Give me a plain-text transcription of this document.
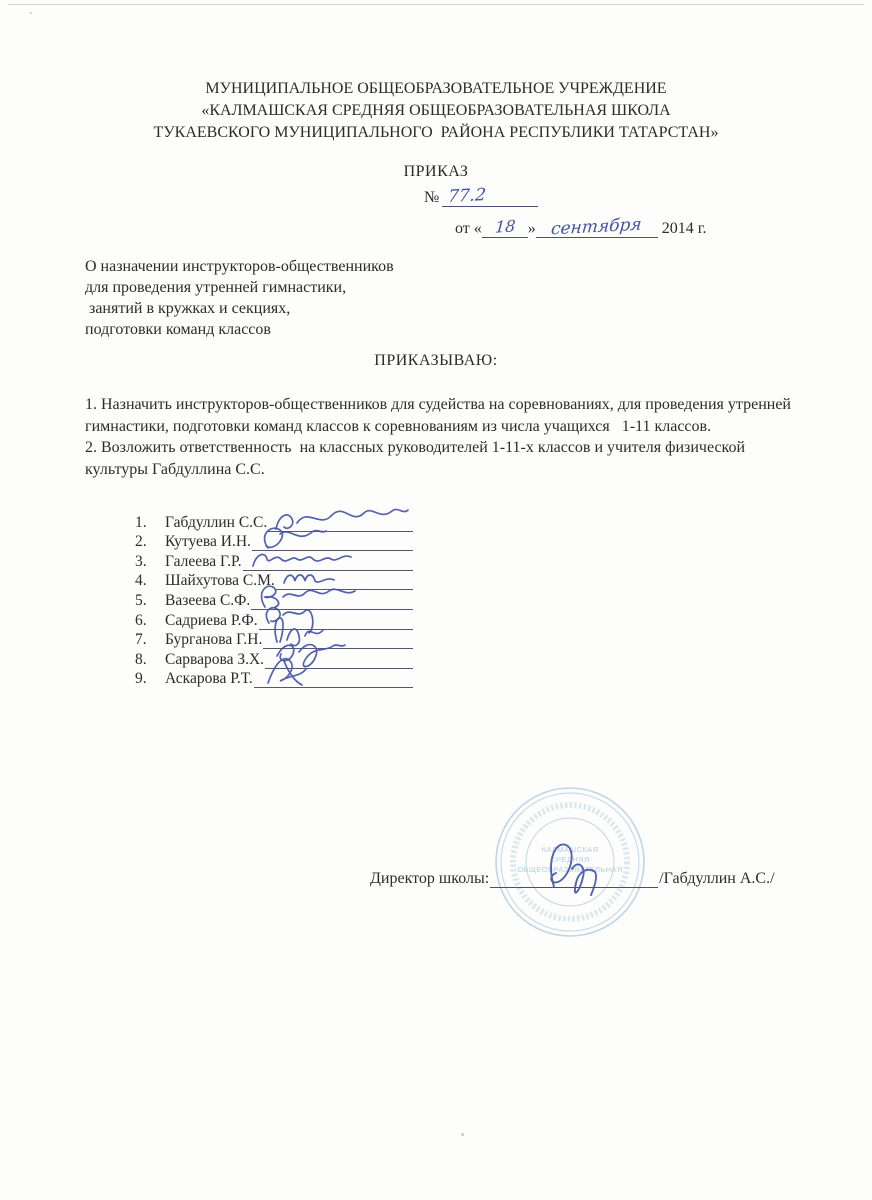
МУНИЦИПАЛЬНОЕ ОБЩЕОБРАЗОВАТЕЛЬНОЕ УЧРЕЖДЕНИЕ
«КАЛМАШСКАЯ СРЕДНЯЯ ОБЩЕОБРАЗОВАТЕЛЬНАЯ ШКОЛА
ТУКАЕВСКОГО МУНИЦИПАЛЬНОГО  РАЙОНА РЕСПУБЛИКИ ТАТАРСТАН»
ПРИКАЗ
№ 77.2
от « 18 » сентября 2014 г.
О назначении инструкторов-общественников
для проведения утренней гимнастики,
занятий в кружках и секциях,
подготовки команд классов
ПРИКАЗЫВАЮ:

1. Назначить инструкторов-общественников для судейства на соревнованиях, для проведения утренней гимнастики, подготовки команд классов к соревнованиям из числа учащихся   1-11 классов.

2. Возложить ответственность  на классных руководителей 1-11-х классов и учителя физической культуры Габдуллина С.С.

1.	Габдуллин С.С.
2.	Кутуева И.Н.
3.	Галеева Г.Р.
4.	Шайхутова С.М.
5.	Вазеева С.Ф.
6.	Садриева Р.Ф.
7.	Бурганова Г.Н.
8.	Сарварова З.Х.
9.	Аскарова Р.Т.
КАЛМАШСКАЯ
СРЕДНЯЯ
ОБЩЕОБРАЗОВАТЕЛЬНАЯ
Директор школы:	/Габдуллин А.С./
